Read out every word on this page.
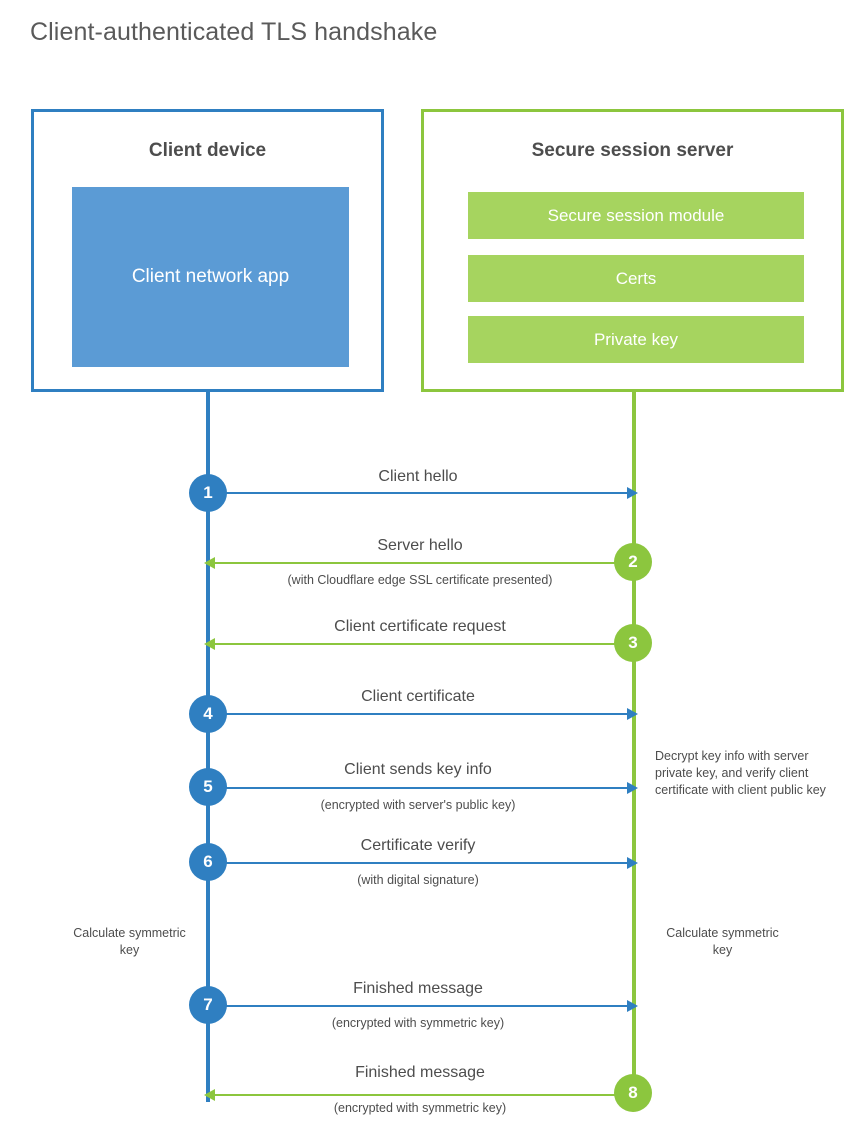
Client-authenticated TLS handshake
Client device
Client network app
Secure session server
Secure session module
Certs
Private key
Client hello
1
Server hello
(with Cloudflare edge SSL certificate presented)
2
Client certificate request
3
Client certificate
4
Client sends key info
(encrypted with server's public key)
5
Certificate verify
(with digital signature)
6
Finished message
(encrypted with symmetric key)
7
Finished message
(encrypted with symmetric key)
8
Decrypt key info with server private key, and verify client certificate with client public key
Calculate symmetric key
Calculate symmetric key
